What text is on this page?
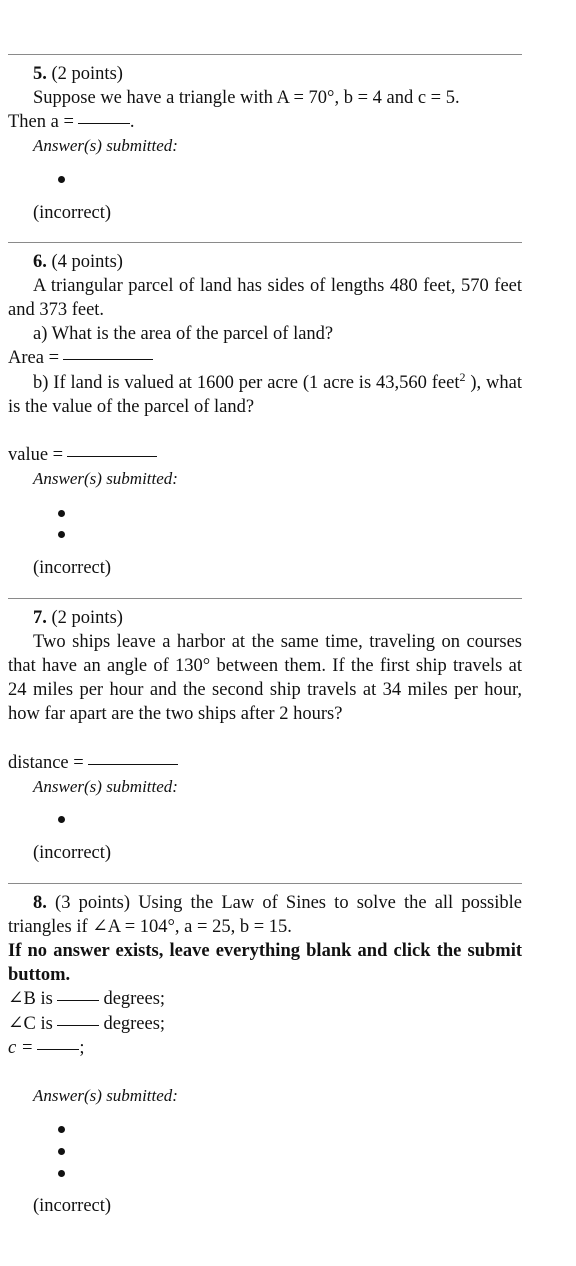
5. (2 points)
Suppose we have a triangle with A = 70°, b = 4 and c = 5.
Then a =	.
Answer(s) submitted:
(incorrect)
6. (4 points)
A triangular parcel of land has sides of lengths 480 feet, 570 feet and 373 feet.
a) What is the area of the parcel of land?
Area =
b) If land is valued at 1600 per acre (1 acre is 43,560 feet$^2$ ), what is the value of the parcel of land?
value =
Answer(s) submitted:
(incorrect)
7. (2 points)
Two ships leave a harbor at the same time, traveling on courses that have an angle of 130° between them. If the first ship travels at 24 miles per hour and the second ship travels at 34 miles per hour, how far apart are the two ships after 2 hours?
distance =
Answer(s) submitted:
(incorrect)
8. (3 points) Using the Law of Sines to solve the all possible triangles if ∠A = 104°, a = 25, b = 15.
If no answer exists, leave everything blank and click the submit buttom.
∠B is	degrees;
∠C is	degrees;
c = ;
Answer(s) submitted:
(incorrect)
